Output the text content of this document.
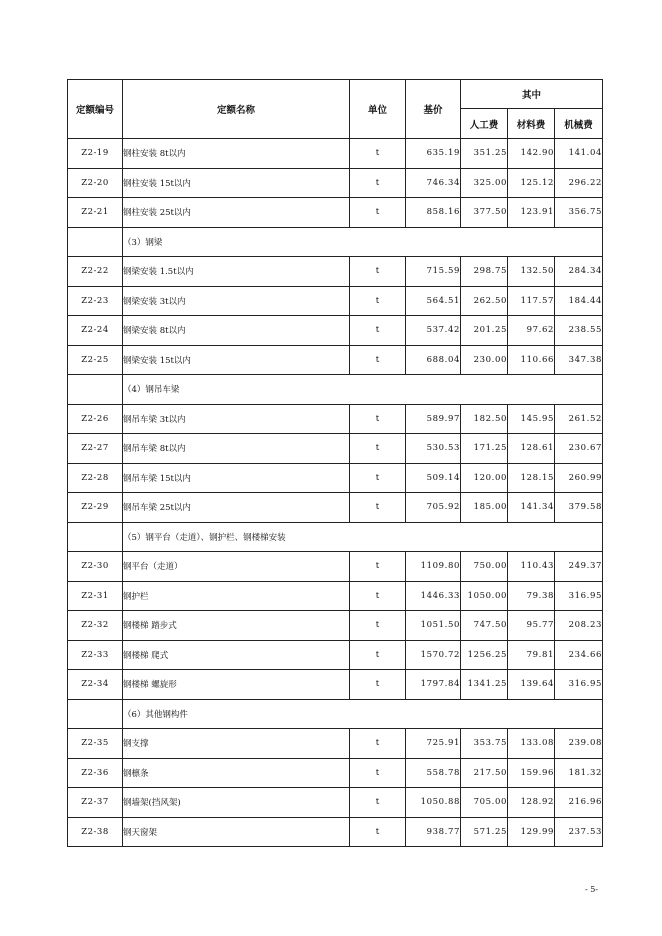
定额编号	定额名称	单位	基价	其中		
				人工费	材料费	机械费
Z2-19	钢柱安装 8t以内	t	635.19	351.25	142.90	141.04
Z2-20	钢柱安装 15t以内	t	746.34	325.00	125.12	296.22
Z2-21	钢柱安装 25t以内	t	858.16	377.50	123.91	356.75
	（3）钢梁					
Z2-22	钢梁安装 1.5t以内	t	715.59	298.75	132.50	284.34
Z2-23	钢梁安装 3t以内	t	564.51	262.50	117.57	184.44
Z2-24	钢梁安装 8t以内	t	537.42	201.25	97.62	238.55
Z2-25	钢梁安装 15t以内	t	688.04	230.00	110.66	347.38
	（4）钢吊车梁					
Z2-26	钢吊车梁 3t以内	t	589.97	182.50	145.95	261.52
Z2-27	钢吊车梁 8t以内	t	530.53	171.25	128.61	230.67
Z2-28	钢吊车梁 15t以内	t	509.14	120.00	128.15	260.99
Z2-29	钢吊车梁 25t以内	t	705.92	185.00	141.34	379.58
	（5）钢平台（走道）、钢护栏、钢楼梯安装					
Z2-30	钢平台（走道）	t	1109.80	750.00	110.43	249.37
Z2-31	钢护栏	t	1446.33	1050.00	79.38	316.95
Z2-32	钢楼梯 踏步式	t	1051.50	747.50	95.77	208.23
Z2-33	钢楼梯 爬式	t	1570.72	1256.25	79.81	234.66
Z2-34	钢楼梯 螺旋形	t	1797.84	1341.25	139.64	316.95
	（6）其他钢构件					
Z2-35	钢支撑	t	725.91	353.75	133.08	239.08
Z2-36	钢檩条	t	558.78	217.50	159.96	181.32
Z2-37	钢墙架(挡风架)	t	1050.88	705.00	128.92	216.96
Z2-38	钢天窗架	t	938.77	571.25	129.99	237.53
- 5-
